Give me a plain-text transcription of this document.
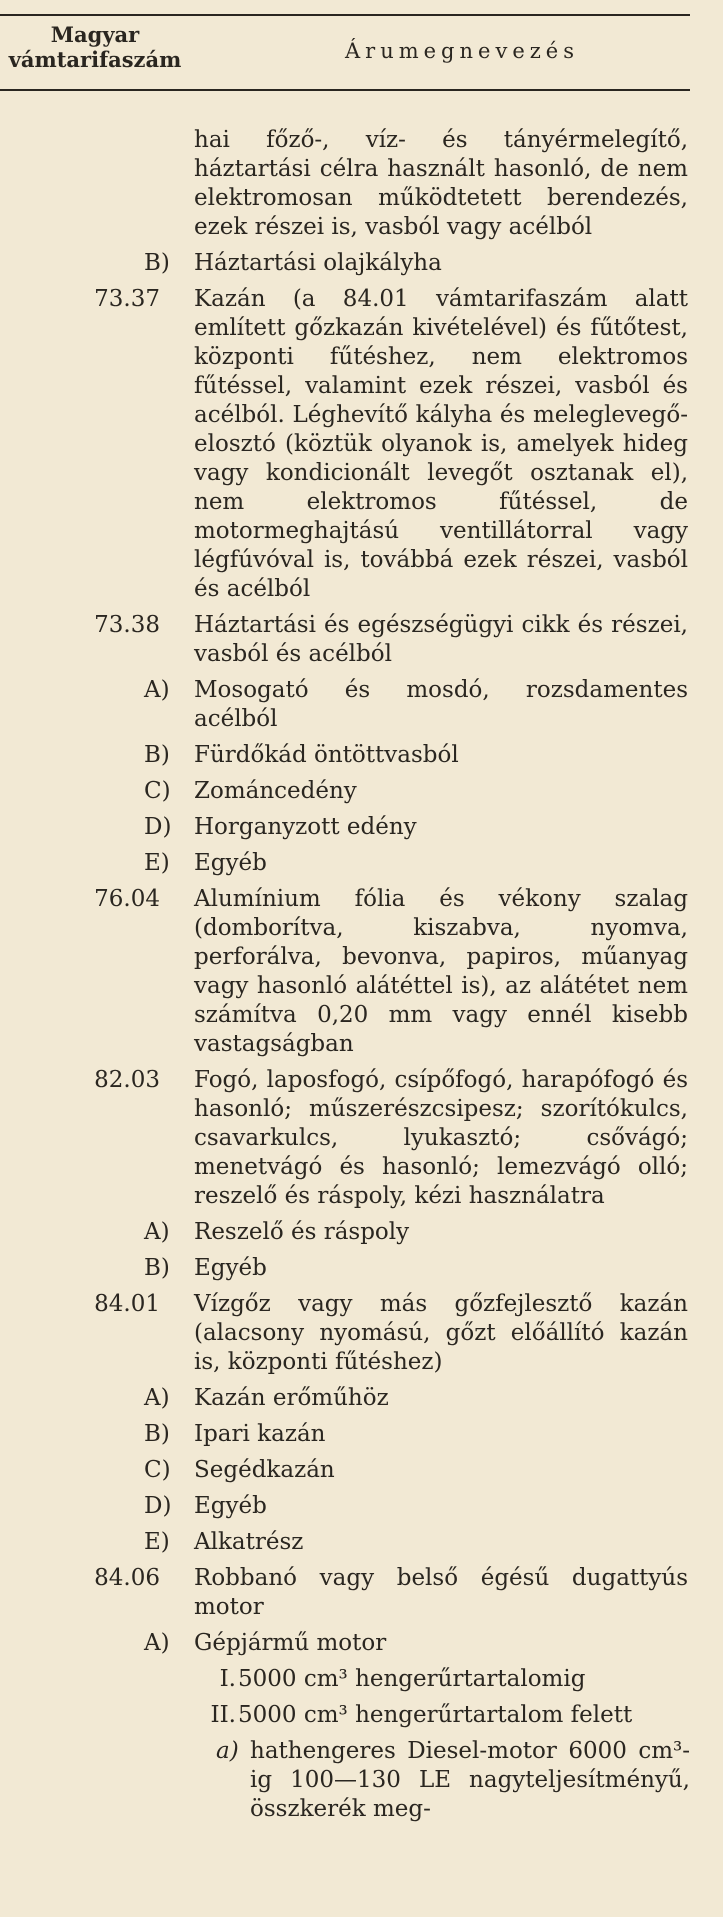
Magyar
vámtarifaszám	Árumegnevezés
hai főző-, víz- és tányérmelegítő, háztartási célra használt hasonló, de nem elektromosan működtetett berendezés, ezek részei is, vasból vagy acélból
B) Háztartási olajkályha
73.37 Kazán (a 84.01 vámtarifaszám alatt említett gőzkazán kivételével) és fűtőtest, központi fűtéshez, nem elektromos fűtéssel, valamint ezek részei, vasból és acélból. Léghevítő kályha és meleglevegő-elosztó (köztük olyanok is, amelyek hideg vagy kondicionált levegőt osztanak el), nem elektromos fűtéssel, de motormeghajtású ventillátorral vagy légfúvóval is, továbbá ezek részei, vasból és acélból
73.38 Háztartási és egészségügyi cikk és részei, vasból és acélból
A) Mosogató és mosdó, rozsdamentes acélból
B) Fürdőkád öntöttvasból
C) Zománcedény
D) Horganyzott edény
E) Egyéb
76.04 Alumínium fólia és vékony szalag (domborítva, kiszabva, nyomva, perforálva, bevonva, papiros, műanyag vagy hasonló alátéttel is), az alátétet nem számítva 0,20 mm vagy ennél kisebb vastagságban
82.03 Fogó, laposfogó, csípőfogó, harapófogó és hasonló; műszerészcsipesz; szorítókulcs, csavarkulcs, lyukasztó; csővágó; menetvágó és hasonló; lemezvágó olló; reszelő és ráspoly, kézi használatra
A) Reszelő és ráspoly
B) Egyéb
84.01 Vízgőz vagy más gőzfejlesztő kazán (alacsony nyomású, gőzt előállító kazán is, központi fűtéshez)
A) Kazán erőműhöz
B) Ipari kazán
C) Segédkazán
D) Egyéb
E) Alkatrész
84.06 Robbanó vagy belső égésű dugattyús motor
A) Gépjármű motor
I. 5000 cm³ hengerűrtartalomig
II. 5000 cm³ hengerűrtartalom felett
a) hathengeres Diesel-motor 6000 cm³-ig 100—130 LE nagyteljesítményű, összkerék meg-
